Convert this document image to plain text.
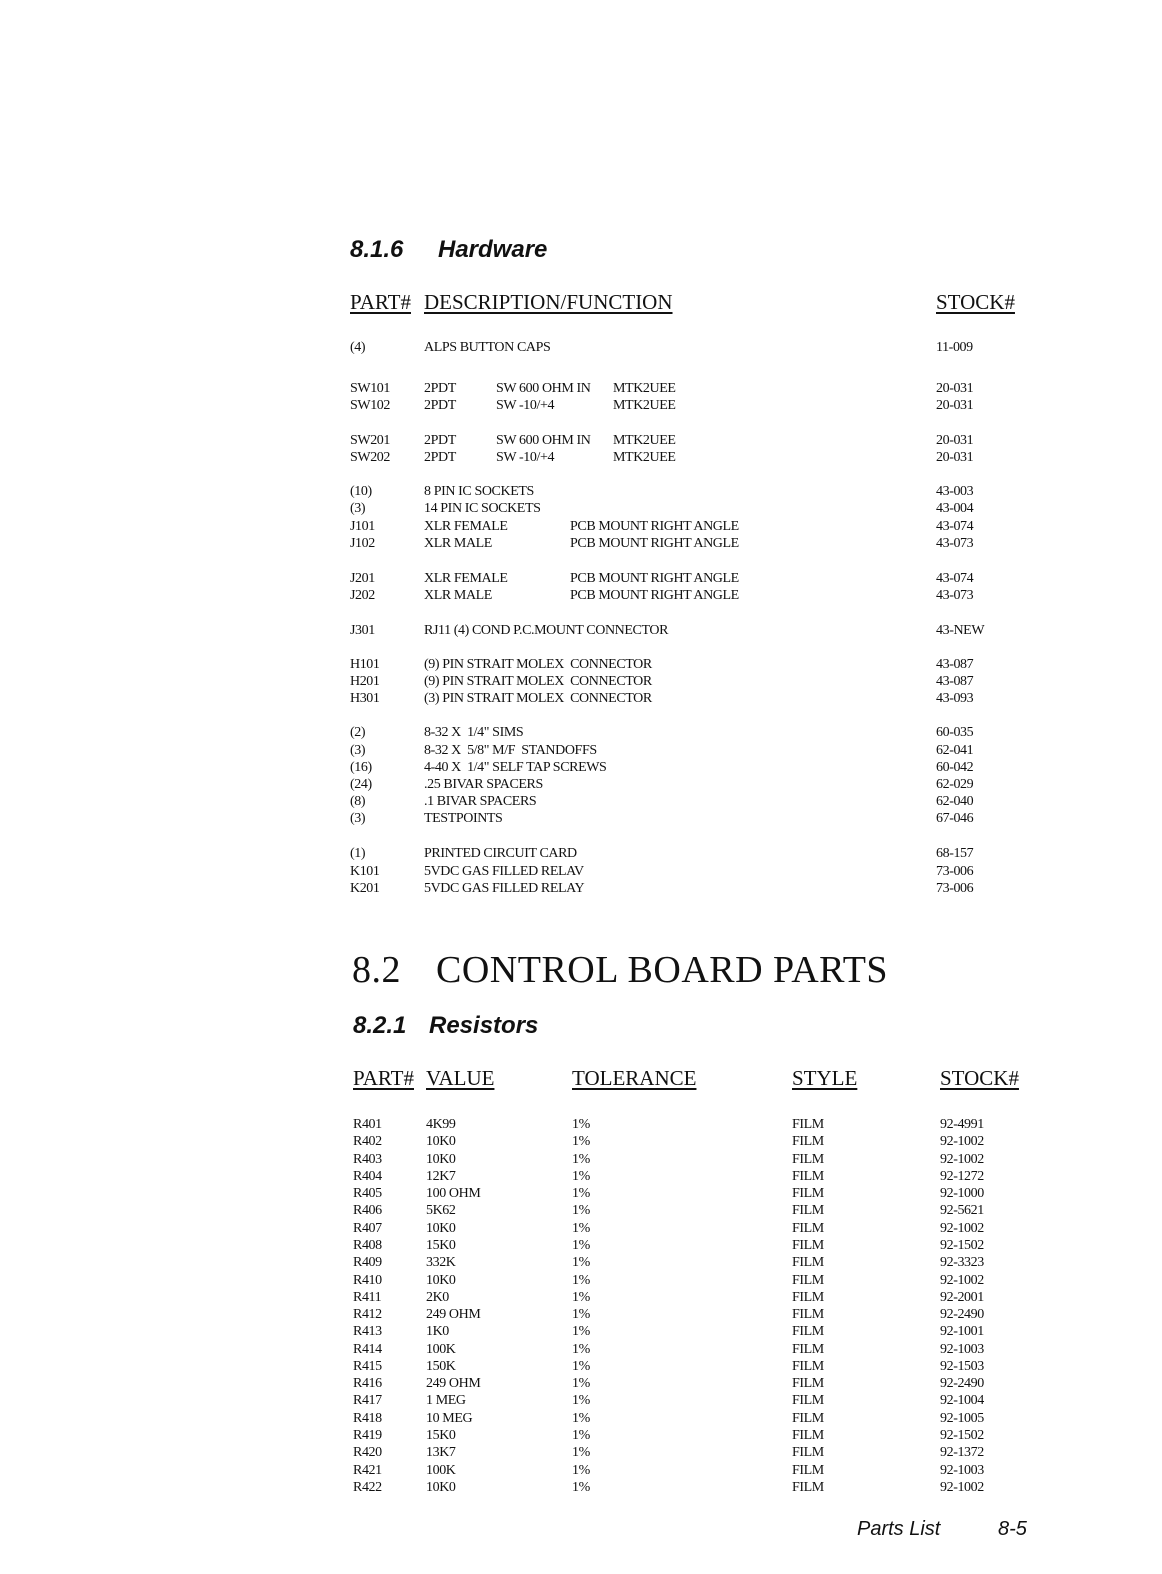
8.1.6 Hardware
PART# DESCRIPTION/FUNCTION	STOCK#
(4)	ALPS BUTTON CAPS	11-009
SW101 2PDT	SW 600 OHM IN MTK2UEE	20-031
SW102 2PDT	SW -10/+4	MTK2UEE	20-031
SW201 2PDT	SW 600 OHM IN MTK2UEE	20-031
SW202 2PDT	SW -10/+4	MTK2UEE	20-031
(10)	8 PIN IC SOCKETS	43-003
(3)	14 PIN IC SOCKETS	43-004
J101	XLR FEMALE	PCB MOUNT RIGHT ANGLE	43-074
J102	XLR MALE	PCB MOUNT RIGHT ANGLE	43-073
J201	XLR FEMALE	PCB MOUNT RIGHT ANGLE	43-074
J202	XLR MALE	PCB MOUNT RIGHT ANGLE	43-073
J301	RJ11 (4) COND P.C.MOUNT CONNECTOR	43-NEW
H101	(9) PIN STRAIT MOLEX  CONNECTOR	43-087
H201	(9) PIN STRAIT MOLEX  CONNECTOR	43-087
H301	(3) PIN STRAIT MOLEX  CONNECTOR	43-093
(2)	8-32 X  1/4" SIMS	60-035
(3)	8-32 X  5/8" M/F  STANDOFFS	62-041
(16)	4-40 X  1/4" SELF TAP SCREWS	60-042
(24)	.25 BIVAR SPACERS	62-029
(8)	.1 BIVAR SPACERS	62-040
(3)	TESTPOINTS	67-046
(1)	PRINTED CIRCUIT CARD	68-157
K101	5VDC GAS FILLED RELAV	73-006
K201	5VDC GAS FILLED RELAY	73-006
8.2 CONTROL BOARD PARTS
8.2.1 Resistors
PART# VALUE	TOLERANCE	STYLE	STOCK#
R401	4K99	1%	FILM	92-4991
R402	10K0	1%	FILM	92-1002
R403	10K0	1%	FILM	92-1002
R404	12K7	1%	FILM	92-1272
R405	100 OHM	1%	FILM	92-1000
R406	5K62	1%	FILM	92-5621
R407	10K0	1%	FILM	92-1002
R408	15K0	1%	FILM	92-1502
R409	332K	1%	FILM	92-3323
R410	10K0	1%	FILM	92-1002
R411	2K0	1%	FILM	92-2001
R412	249 OHM	1%	FILM	92-2490
R413	1K0	1%	FILM	92-1001
R414	100K	1%	FILM	92-1003
R415	150K	1%	FILM	92-1503
R416	249 OHM	1%	FILM	92-2490
R417	1 MEG	1%	FILM	92-1004
R418	10 MEG	1%	FILM	92-1005
R419	15K0	1%	FILM	92-1502
R420	13K7	1%	FILM	92-1372
R421	100K	1%	FILM	92-1003
R422	10K0	1%	FILM	92-1002
Parts List	8-5
